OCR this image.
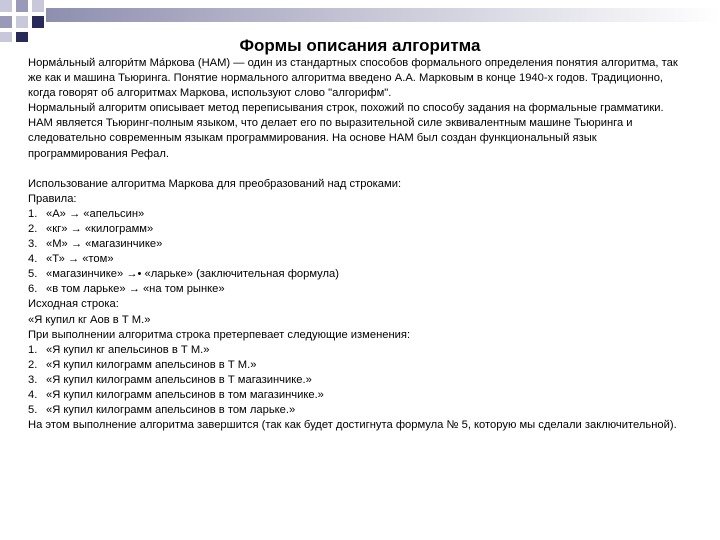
Формы описания алгоритма

Норма́льный алгори́тм Ма́ркова (НАМ) — один из стандартных способов формального определения понятия алгоритма, так же как и машина Тьюринга. Понятие нормального алгоритма введено А.А. Марковым в конце 1940-х годов. Традиционно, когда говорят об алгоритмах Маркова, используют слово "алгорифм".

Нормальный алгоритм описывает метод переписывания строк, похожий по способу задания на формальные грамматики. НАМ является Тьюринг-полным языком, что делает его по выразительной силе эквивалентным машине Тьюринга и следовательно современным языкам программирования. На основе НАМ был создан функциональный язык программирования Рефал.

Использование алгоритма Маркова для преобразований над строками:

Правила:

1. «А» → «апельсин»

2. «кг» → «килограмм»

3. «М» → «магазинчике»

4. «Т» → «том»

5. «магазинчике» →• «ларьке» (заключительная формула)

6. «в том ларьке» → «на том рынке»

Исходная строка:

«Я купил кг Аов в Т М.»

При выполнении алгоритма строка претерпевает следующие изменения:

1. «Я купил кг апельсинов в Т М.»

2. «Я купил килограмм апельсинов в Т М.»

3. «Я купил килограмм апельсинов в Т магазинчике.»

4. «Я купил килограмм апельсинов в том магазинчике.»

5. «Я купил килограмм апельсинов в том ларьке.»

На этом выполнение алгоритма завершится (так как будет достигнута формула № 5, которую мы сделали заключительной).
